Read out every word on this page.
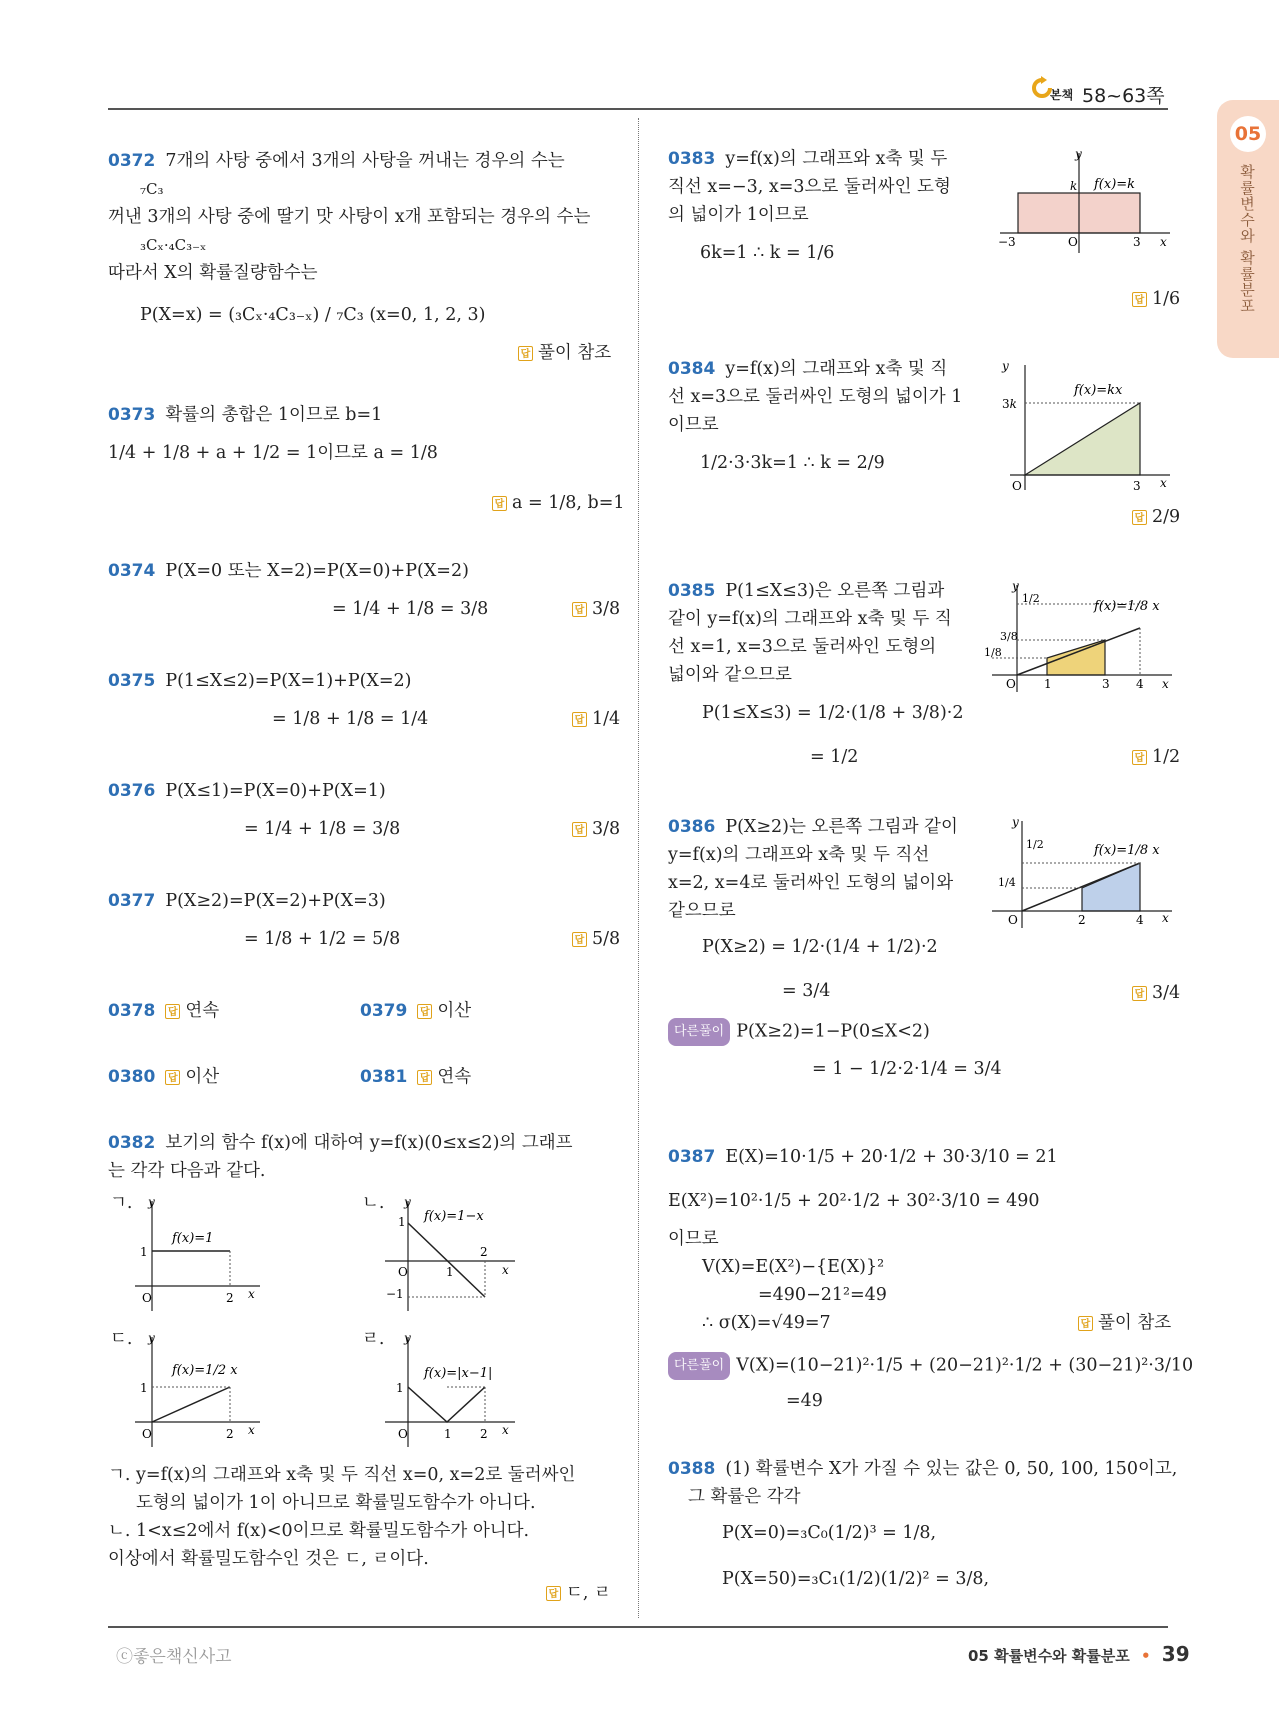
본책 58~63쪽
05
확률변수와 확률분포
0372 7개의 사탕 중에서 3개의 사탕을 꺼내는 경우의 수는
₇C₃
꺼낸 3개의 사탕 중에 딸기 맛 사탕이 x개 포함되는 경우의 수는
₃Cₓ·₄C₃₋ₓ
따라서 X의 확률질량함수는
P(X=x) = (₃Cₓ·₄C₃₋ₓ) / ₇C₃ (x=0, 1, 2, 3)
답 풀이 참조
0373 확률의 총합은 1이므로 b=1
1/4 + 1/8 + a + 1/2 = 1이므로 a = 1/8
답 a = 1/8, b=1
0374 P(X=0 또는 X=2)=P(X=0)+P(X=2)
= 1/4 + 1/8 = 3/8	답 3/8
0375 P(1≤X≤2)=P(X=1)+P(X=2)
= 1/8 + 1/8 = 1/4	답 1/4
0376 P(X≤1)=P(X=0)+P(X=1)
= 1/4 + 1/8 = 3/8	답 3/8
0377 P(X≥2)=P(X=2)+P(X=3)
= 1/8 + 1/2 = 5/8	답 5/8
0378 답 연속	0379 답 이산
0380 답 이산	0381 답 연속
0382 보기의 함수 f(x)에 대하여 y=f(x)(0≤x≤2)의 그래프
는 각각 다음과 같다.
ㄱ. y
x
O
1
2
f(x)=1
ㄴ. y
x
O
1
−1
1
2
f(x)=1−x
ㄷ. y
x
O
1
2
f(x)=1/2 x
ㄹ. y
x
O
1
1 2
f(x)=|x−1|
ㄱ. y=f(x)의 그래프와 x축 및 두 직선 x=0, x=2로 둘러싸인
도형의 넓이가 1이 아니므로 확률밀도함수가 아니다.
ㄴ. 1<x≤2에서 f(x)<0이므로 확률밀도함수가 아니다.
이상에서 확률밀도함수인 것은 ㄷ, ㄹ이다.
답 ㄷ, ㄹ
0383 y=f(x)의 그래프와 x축 및 두
직선 x=−3, x=3으로 둘러싸인 도형
의 넓이가 1이므로
6k=1 ∴ k = 1/6
y
x
−3	O	3
k f(x)=k
답 1/6
0384 y=f(x)의 그래프와 x축 및 직
선 x=3으로 둘러싸인 도형의 넓이가 1
이므로
1/2·3·3k=1 ∴ k = 2/9
y
x
O	3
3k
f(x)=kx
답 2/9
0385 P(1≤X≤3)은 오른쪽 그림과
같이 y=f(x)의 그래프와 x축 및 두 직
선 x=1, x=3으로 둘러싸인 도형의
넓이와 같으므로
P(1≤X≤3) = 1/2·(1/8 + 3/8)·2
= 1/2
y
x
O 1	3 4
1/2
3/8
1/8
f(x)=1/8 x
답 1/2
0386 P(X≥2)는 오른쪽 그림과 같이
y=f(x)의 그래프와 x축 및 두 직선
x=2, x=4로 둘러싸인 도형의 넓이와
같으므로
P(X≥2) = 1/2·(1/4 + 1/2)·2
= 3/4
다른풀이 P(X≥2)=1−P(0≤X<2)
= 1 − 1/2·2·1/4 = 3/4
y
x
O	2	4
1/2
1/4
f(x)=1/8 x
답 3/4
0387 E(X)=10·1/5 + 20·1/2 + 30·3/10 = 21
E(X²)=10²·1/5 + 20²·1/2 + 30²·3/10 = 490
이므로
V(X)=E(X²)−{E(X)}²
=490−21²=49
∴ σ(X)=√49=7	답 풀이 참조
다른풀이 V(X)=(10−21)²·1/5 + (20−21)²·1/2 + (30−21)²·3/10
=49
0388 (1) 확률변수 X가 가질 수 있는 값은 0, 50, 100, 150이고,
그 확률은 각각
P(X=0)=₃C₀(1/2)³ = 1/8,
P(X=50)=₃C₁(1/2)(1/2)² = 3/8,
ⓒ좋은책신사고	05 확률변수와 확률분포 • 39
